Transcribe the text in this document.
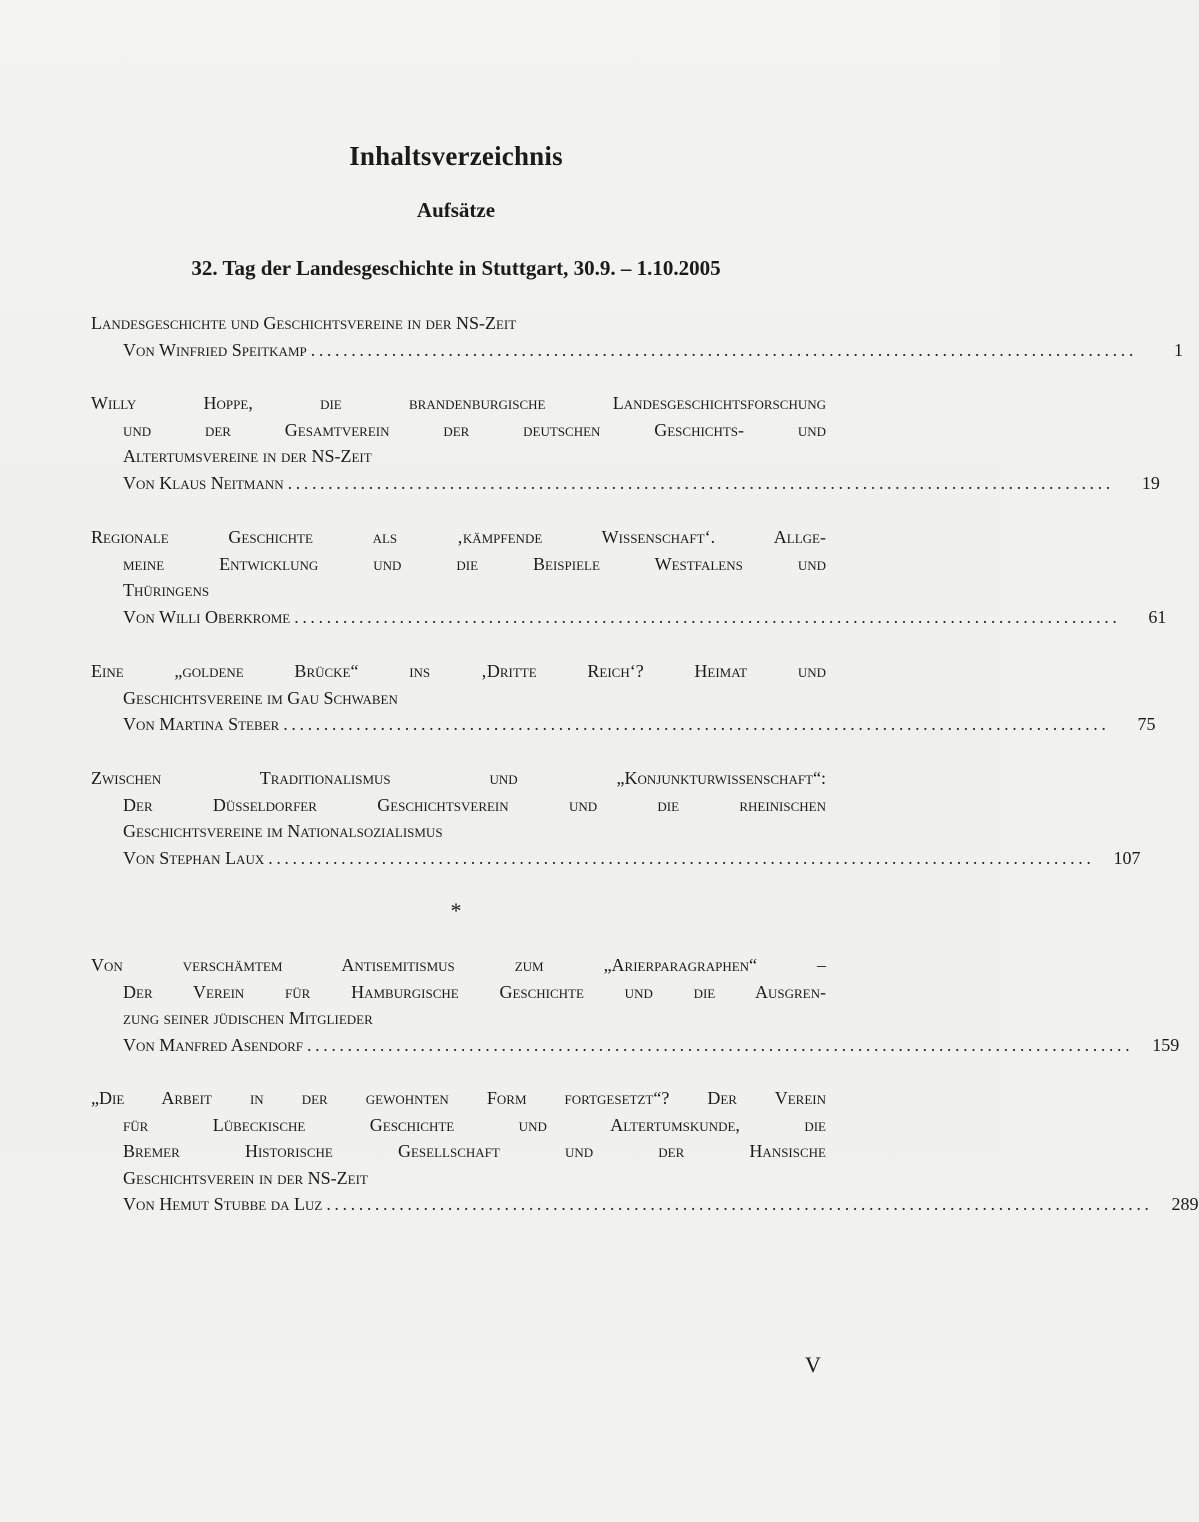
Inhaltsverzeichnis
Aufsätze
32. Tag der Landesgeschichte in Stuttgart, 30.9. – 1.10.2005
Landesgeschichte und Geschichtsvereine in der NS-Zeit
Von Winfried Speitkamp ......................................................................................................	1
Willy Hoppe, die brandenburgische Landesgeschichtsforschung
und der Gesamtverein der deutschen Geschichts- und
Altertumsvereine in der NS-Zeit
Von Klaus Neitmann ......................................................................................................	19
Regionale Geschichte als ‚kämpfende Wissenschaft‘. Allge-
meine Entwicklung und die Beispiele Westfalens und
Thüringens
Von Willi Oberkrome ......................................................................................................	61
Eine „goldene Brücke“ ins ‚Dritte Reich‘? Heimat und
Geschichtsvereine im Gau Schwaben
Von Martina Steber ......................................................................................................	75
Zwischen Traditionalismus und „Konjunkturwissenschaft“:
Der Düsseldorfer Geschichtsverein und die rheinischen
Geschichtsvereine im Nationalsozialismus
Von Stephan Laux ......................................................................................................	107
*
Von verschämtem Antisemitismus zum „Arierparagraphen“ –
Der Verein für Hamburgische Geschichte und die Ausgren-
zung seiner jüdischen Mitglieder
Von Manfred Asendorf ......................................................................................................	159
„Die Arbeit in der gewohnten Form fortgesetzt“? Der Verein
für Lübeckische Geschichte und Altertumskunde, die
Bremer Historische Gesellschaft und der Hansische
Geschichtsverein in der NS-Zeit
Von Hemut Stubbe da Luz ......................................................................................................	289
V
